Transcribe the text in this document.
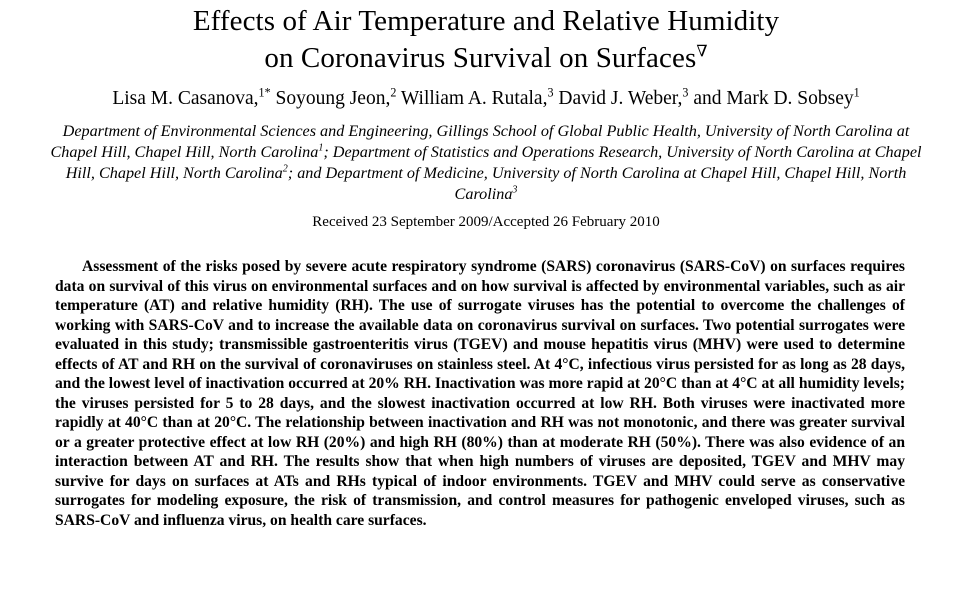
Effects of Air Temperature and Relative Humidity
on Coronavirus Survival on Surfaces∇
Lisa M. Casanova,$^{1*}$ Soyoung Jeon,$^2$ William A. Rutala,$^3$ David J. Weber,$^3$ and Mark D. Sobsey$^1$
Department of Environmental Sciences and Engineering, Gillings School of Global Public Health, University of North Carolina at Chapel Hill, Chapel Hill, North Carolina$^1$; Department of Statistics and Operations Research, University of North Carolina at Chapel Hill, Chapel Hill, North Carolina$^2$; and Department of Medicine, University of North Carolina at Chapel Hill, Chapel Hill, North Carolina$^3$
Received 23 September 2009/Accepted 26 February 2010
Assessment of the risks posed by severe acute respiratory syndrome (SARS) coronavirus (SARS-CoV) on surfaces requires data on survival of this virus on environmental surfaces and on how survival is affected by environmental variables, such as air temperature (AT) and relative humidity (RH). The use of surrogate viruses has the potential to overcome the challenges of working with SARS-CoV and to increase the available data on coronavirus survival on surfaces. Two potential surrogates were evaluated in this study; transmissible gastroenteritis virus (TGEV) and mouse hepatitis virus (MHV) were used to determine effects of AT and RH on the survival of coronaviruses on stainless steel. At 4°C, infectious virus persisted for as long as 28 days, and the lowest level of inactivation occurred at 20% RH. Inactivation was more rapid at 20°C than at 4°C at all humidity levels; the viruses persisted for 5 to 28 days, and the slowest inactivation occurred at low RH. Both viruses were inactivated more rapidly at 40°C than at 20°C. The relationship between inactivation and RH was not monotonic, and there was greater survival or a greater protective effect at low RH (20%) and high RH (80%) than at moderate RH (50%). There was also evidence of an interaction between AT and RH. The results show that when high numbers of viruses are deposited, TGEV and MHV may survive for days on surfaces at ATs and RHs typical of indoor environments. TGEV and MHV could serve as conservative surrogates for modeling exposure, the risk of transmission, and control measures for pathogenic enveloped viruses, such as SARS-CoV and influenza virus, on health care surfaces.
